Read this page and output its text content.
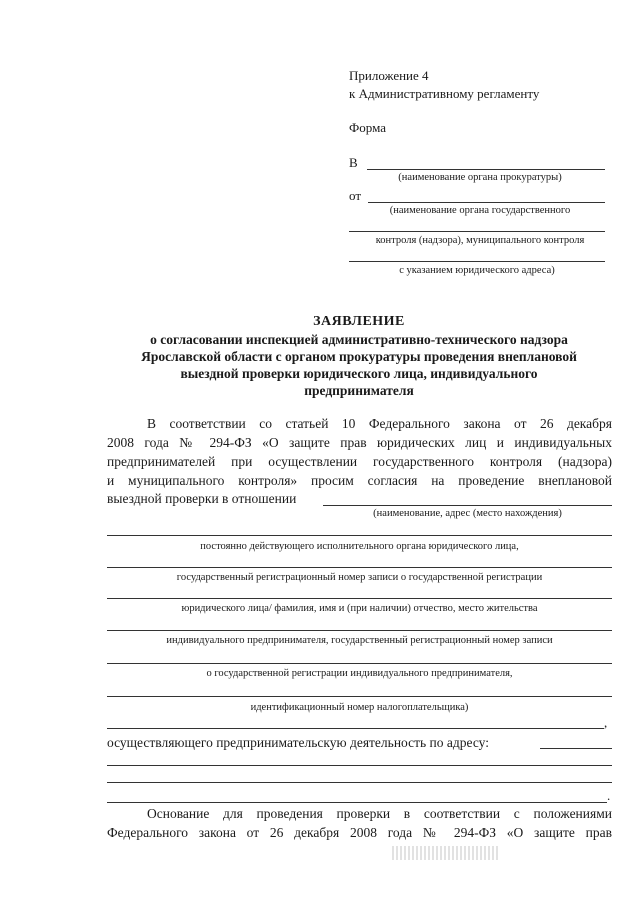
Приложение 4
к Административному регламенту
Форма
В
(наименование органа прокуратуры)
от
(наименование органа государственного
контроля (надзора), муниципального контроля
с указанием юридического адреса)
ЗАЯВЛЕНИЕ
о согласовании инспекцией административно-технического надзора
Ярославской области с органом прокуратуры проведения внеплановой
выездной проверки юридического лица, индивидуального
предпринимателя
В соответствии со статьей 10 Федерального закона от 26 декабря
2008 года № 294-ФЗ «О защите прав юридических лиц и индивидуальных
предпринимателей при осуществлении государственного контроля (надзора)
и муниципального контроля» просим согласия на проведение внеплановой
выездной проверки в отношении
(наименование, адрес (место нахождения)
постоянно действующего исполнительного органа юридического лица,
государственный регистрационный номер записи о государственной регистрации
юридического лица/ фамилия, имя и (при наличии) отчество, место жительства
индивидуального предпринимателя, государственный регистрационный номер записи
о государственной регистрации индивидуального предпринимателя,
идентификационный номер налогоплательщика)
,
осуществляющего предпринимательскую деятельность по адресу:
.
Основание для проведения проверки в соответствии с положениями
Федерального закона от 26 декабря 2008 года № 294-ФЗ «О защите прав
